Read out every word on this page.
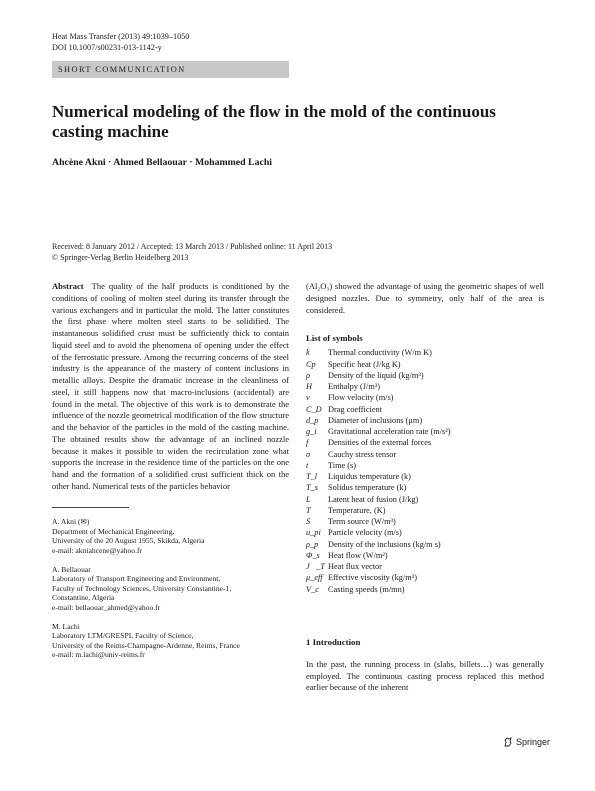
Heat Mass Transfer (2013) 49:1039–1050
DOI 10.1007/s00231-013-1142-y
SHORT COMMUNICATION
Numerical modeling of the flow in the mold of the continuous casting machine
Ahcène Akni · Ahmed Bellaouar · Mohammed Lachi
Received: 8 January 2012 / Accepted: 13 March 2013 / Published online: 11 April 2013
© Springer-Verlag Berlin Heidelberg 2013

Abstract The quality of the half products is conditioned by the conditions of cooling of molten steel during its transfer through the various exchangers and in particular the mold. The latter constitutes the first phase where molten steel starts to be solidified. The instantaneous solidified crust must be sufficiently thick to contain liquid steel and to avoid the phenomena of opening under the effect of the ferrostatic pressure. Among the recurring concerns of the steel industry is the appearance of the mastery of content inclusions in metallic alloys. Despite the dramatic increase in the cleanliness of steel, it still happens now that macro-inclusions (accidental) are found in the metal. The objective of this work is to demonstrate the influence of the nozzle geometrical modification of the flow structure and the behavior of the particles in the mold of the casting machine. The obtained results show the advantage of an inclined nozzle because it makes it possible to widen the recirculation zone what supports the increase in the residence time of the particles on the one hand and the formation of a solidified crust sufficient thick on the other hand. Numerical tests of the particles behavior

A. Akni (✉)
Department of Mechanical Engineering,
University of the 20 August 1955, Skikda, Algeria
e-mail: akniahcene@yahoo.fr
A. Bellaouar
Laboratory of Transport Engineering and Environment,
Faculty of Technology Sciences, University Constantine-1,
Constantine, Algeria
e-mail: bellaouar_ahmed@yahoo.fr
M. Lachi
Laboratory LTM/GRESPI, Faculty of Science,
University of the Reims-Champagne-Ardenne, Reims, France
e-mail: m.lachi@univ-reims.fr

(Al₂O₃) showed the advantage of using the geometric shapes of well designed nozzles. Due to symmetry, only half of the area is considered.

List of symbols
k	Thermal conductivity (W/m K)
Cp	Specific heat (J/kg K)
ρ	Density of the liquid (kg/m³)
H	Enthalpy (J/m³)
v⃗	Flow velocity (m/s)
C_D Drag coefficient
d_p	Diameter of inclusions (μm)
g_i	Gravitational acceleration rate (m/s²)
f⃗	Densities of the external forces
σ	Cauchy stress tensor
t	Time (s)
T_l	Liquidus temperature (k)
T_s	Solidus temperature (k)
L	Latent heat of fusion (J/kg)
T	Temperature, (K)
S	Term source (W/m³)
u_pi Particle velocity (m/s)
ρ_p	Density of the inclusions (kg/m s)
Φ_s Heat flow (W/m²)
J⃗_T Heat flux vector
μ_eff Effective viscosity (kg/m³)
V_c	Casting speeds (m/mn)
1 Introduction

In the past, the running process in (slabs, billets…) was generally employed. The continuous casting process replaced this method earlier because of the inherent

Springer
